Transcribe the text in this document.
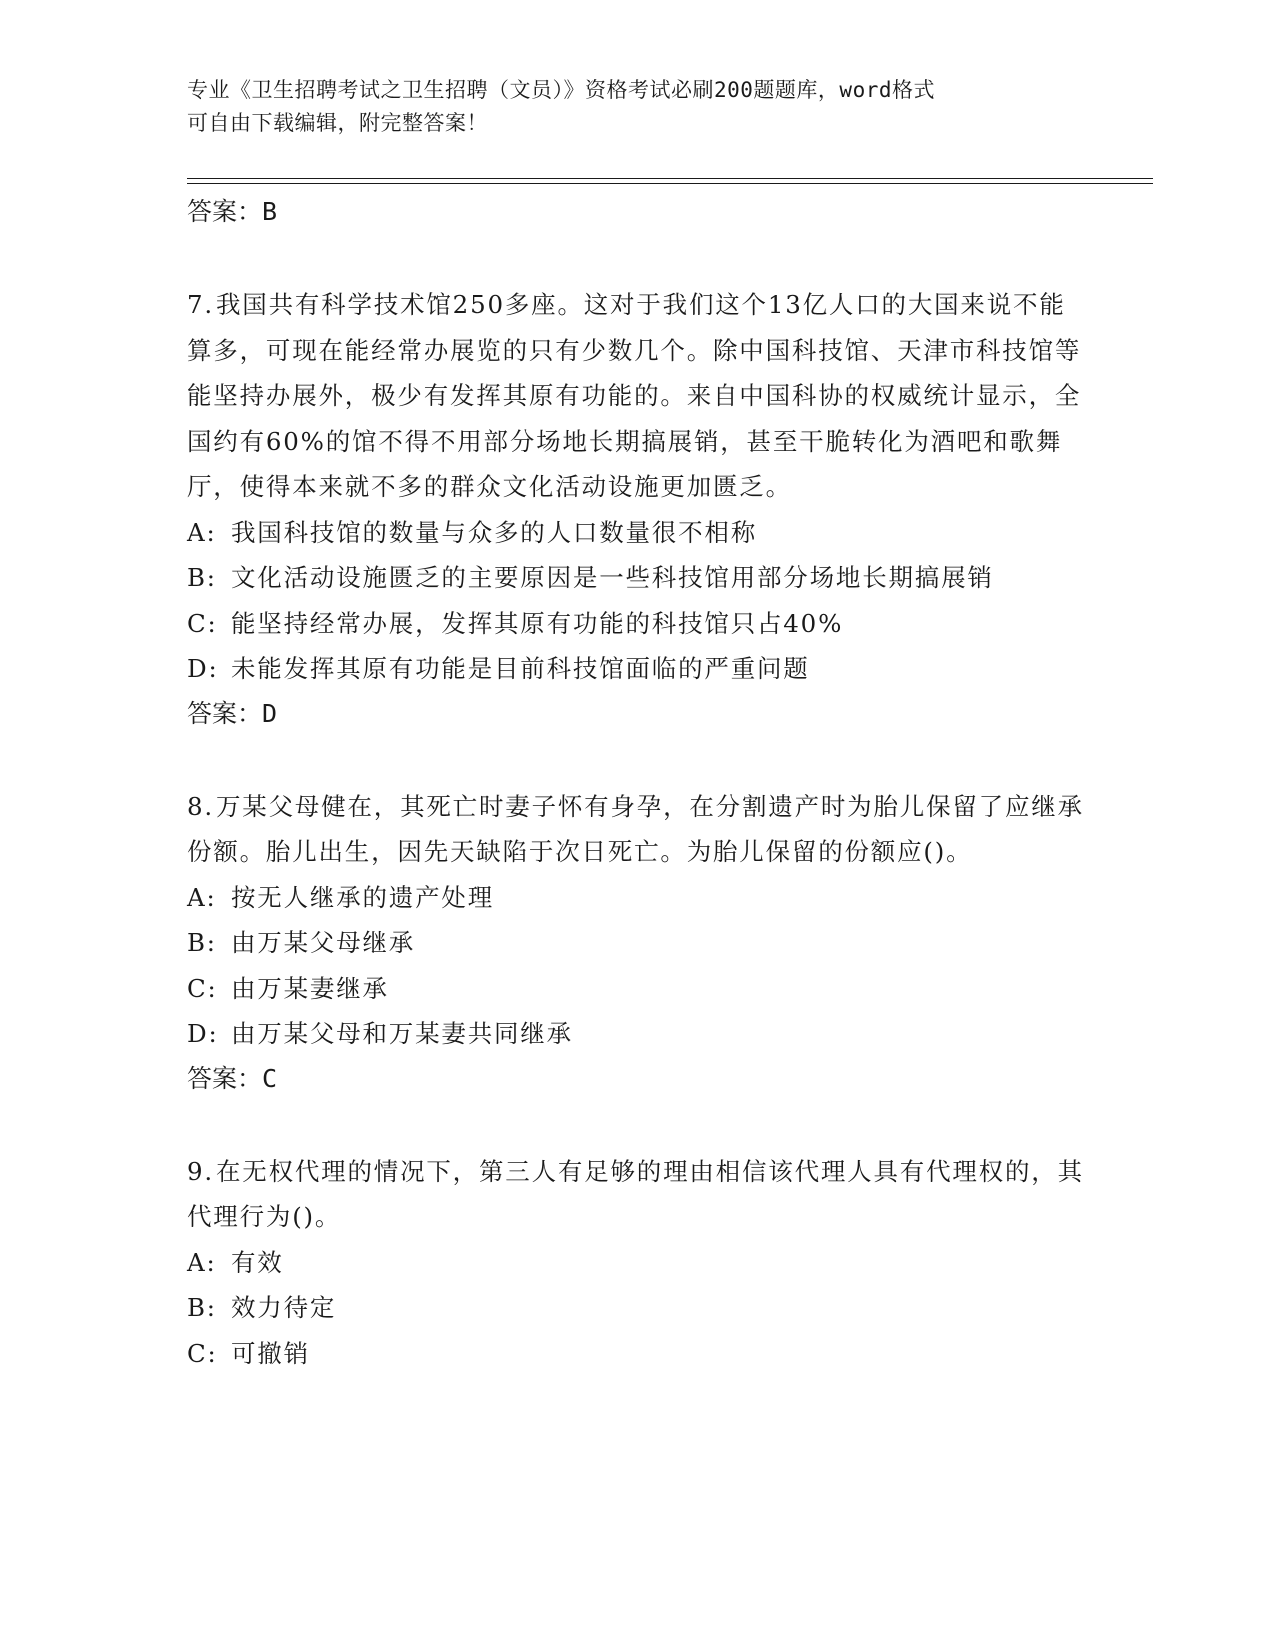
专业《卫生招聘考试之卫生招聘（文员）》资格考试必刷200题题库，word格式
可自由下载编辑，附完整答案！
答案：B
7.我国共有科学技术馆250多座。这对于我们这个13亿人口的大国来说不能算多，可现在能经常办展览的只有少数几个。除中国科技馆、天津市科技馆等能坚持办展外，极少有发挥其原有功能的。来自中国科协的权威统计显示，全国约有60%的馆不得不用部分场地长期搞展销，甚至干脆转化为酒吧和歌舞厅，使得本来就不多的群众文化活动设施更加匮乏。
A: 我国科技馆的数量与众多的人口数量很不相称
B: 文化活动设施匮乏的主要原因是一些科技馆用部分场地长期搞展销
C: 能坚持经常办展，发挥其原有功能的科技馆只占40%
D: 未能发挥其原有功能是目前科技馆面临的严重问题
答案：D
8.万某父母健在，其死亡时妻子怀有身孕，在分割遗产时为胎儿保留了应继承份额。胎儿出生，因先天缺陷于次日死亡。为胎儿保留的份额应()。
A: 按无人继承的遗产处理
B: 由万某父母继承
C: 由万某妻继承
D: 由万某父母和万某妻共同继承
答案：C
9.在无权代理的情况下，第三人有足够的理由相信该代理人具有代理权的，其代理行为()。
A: 有效
B: 效力待定
C: 可撤销
